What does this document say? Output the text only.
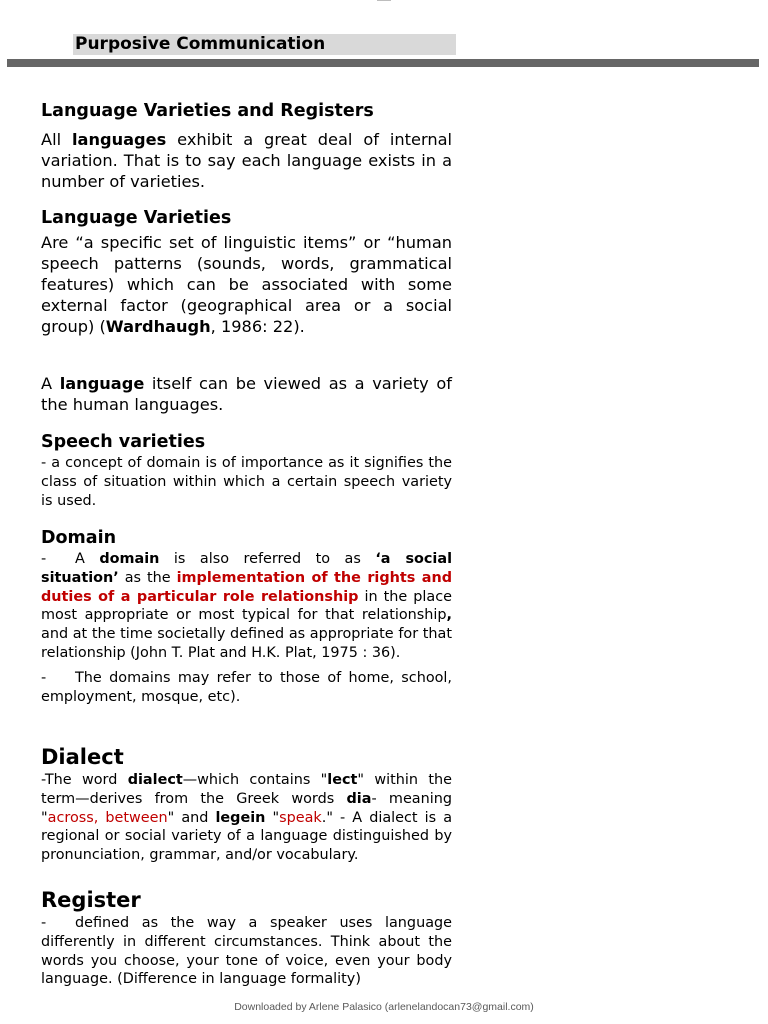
Purposive Communication
Language Varieties and Registers
All languages exhibit a great deal of internal variation. That is to say each language exists in a number of varieties.
Language Varieties
Are “a specific set of linguistic items” or “human speech patterns (sounds, words, grammatical features) which can be associated with some external factor (geographical area or a social group) (Wardhaugh, 1986: 22).
A language itself can be viewed as a variety of the human languages.
Speech varieties
- a concept of domain is of importance as it signifies the class of situation within which a certain speech variety is used.
Domain
- A domain is also referred to as ‘a social situation’ as the implementation of the rights and duties of a particular role relationship in the place most appropriate or most typical for that relationship, and at the time societally defined as appropriate for that relationship (John T. Plat and H.K. Plat, 1975 : 36).
- The domains may refer to those of home, school, employment, mosque, etc).
Dialect
-The word dialect—which contains "lect" within the term—derives from the Greek words dia- meaning "across, between" and legein "speak." - A dialect is a regional or social variety of a language distinguished by pronunciation, grammar, and/or vocabulary.
Register
- defined as the way a speaker uses language differently in different circumstances. Think about the words you choose, your tone of voice, even your body language. (Difference in language formality)
Downloaded by Arlene Palasico (arlenelandocan73@gmail.com)
